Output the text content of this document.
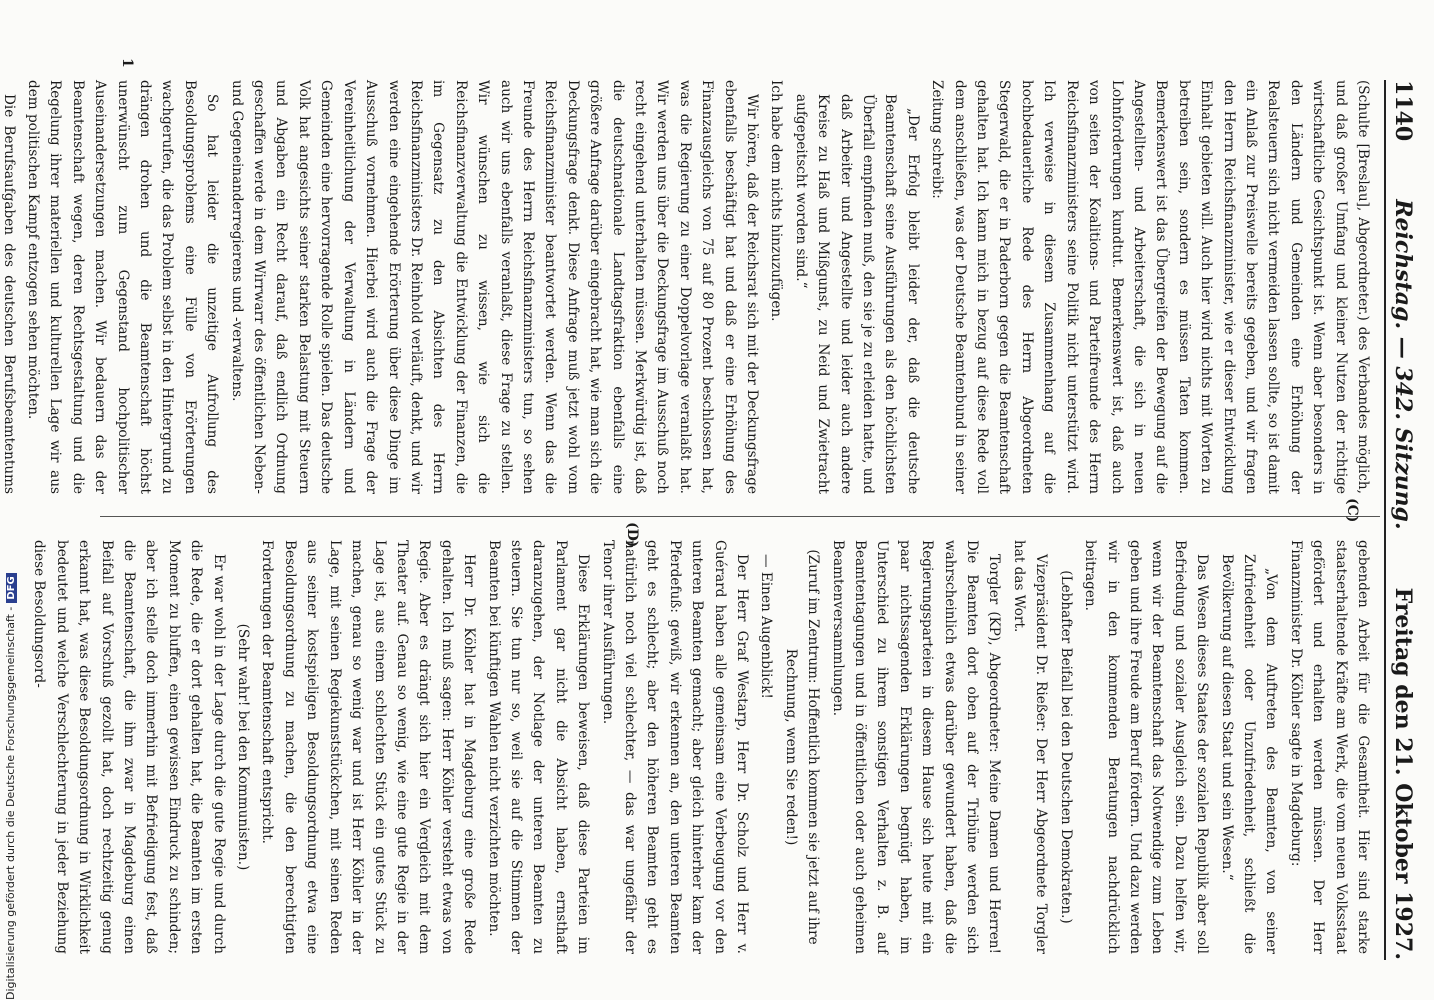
1140
Reichstag. — 342. Sitzung.
Freitag den 21. Oktober 1927.

(Schulte [Breslau], Abgeordneter.) des Verbandes möglich, und daß großer Umfang und kleiner Nutzen der richtige wirtschaftliche Gesichtspunkt ist. Wenn aber besonders in den Ländern und Gemeinden eine Erhöhung der Realsteuern sich nicht vermeiden lassen sollte, so ist damit ein Anlaß zur Preiswelle bereits gegeben, und wir fragen den Herrn Reichsfinanzminister, wie er dieser Entwicklung Einhalt gebieten will. Auch hier wird nichts mit Worten zu betreiben sein, sondern es müssen Taten kommen. Bemerkenswert ist das Übergreifen der Bewegung auf die Angestellten- und Arbeiterschaft, die sich in neuen Lohnforderungen kundtut. Bemerkenswert ist, daß auch von seiten der Koalitions- und Parteifreunde des Herrn Reichsfinanzministers seine Politik nicht unterstützt wird. Ich verweise in diesem Zusammenhang auf die hochbedauerliche Rede des Herrn Abgeordneten Stegerwald, die er in Paderborn gegen die Beamtenschaft gehalten hat. Ich kann mich in bezug auf diese Rede voll dem anschließen, was der Deutsche Beamtenbund in seiner Zeitung schreibt:

„Der Erfolg bleibt leider der, daß die deutsche Beamtenschaft seine Ausführungen als den höchlichsten Überfall empfinden muß, den sie je zu erleiden hatte, und daß Arbeiter und Angestellte und leider auch andere Kreise zu Haß und Mißgunst, zu Neid und Zwietracht aufgepeitscht worden sind.“

Ich habe dem nichts hinzuzufügen.

Wir hören, daß der Reichsrat sich mit der Deckungsfrage ebenfalls beschäftigt hat und daß er eine Erhöhung des Finanzausgleichs von 75 auf 80 Prozent beschlossen hat, was die Regierung zu einer Doppelvorlage veranlaßt hat. Wir werden uns über die Deckungsfrage im Ausschuß noch recht eingehend unterhalten müssen. Merkwürdig ist, daß die deutschnationale Landtagsfraktion ebenfalls eine größere Anfrage darüber eingebracht hat, wie man sich die Deckungsfrage denkt. Diese Anfrage muß jetzt wohl vom Reichsfinanzminister beantwortet werden. Wenn das die Freunde des Herrn Reichsfinanzministers tun, so sehen auch wir uns ebenfalls veranlaßt, diese Frage zu stellen. Wir wünschen zu wissen, wie sich die Reichsfinanzverwaltung die Entwicklung der Finanzen, die im Gegensatz zu den Absichten des Herrn Reichsfinanzministers Dr. Reinhold verläuft, denkt, und wir werden eine eingehende Erörterung über diese Dinge im Ausschuß vornehmen. Hierbei wird auch die Frage der Vereinheitlichung der Verwaltung in Ländern und Gemeinden eine hervorragende Rolle spielen. Das deutsche Volk hat angesichts seiner starken Belastung mit Steuern und Abgaben ein Recht darauf, daß endlich Ordnung geschaffen werde in dem Wirrwarr des öffentlichen Neben- und Gegeneinanderregierens und -verwaltens.

So hat leider die unzeitige Aufrollung des Besoldungsproblems eine Fülle von Erörterungen wachgerufen, die das Problem selbst in den Hintergrund zu drängen drohen und die Beamtenschaft höchst unerwünscht zum Gegenstand hochpolitischer Auseinandersetzungen machen. Wir bedauern das der Beamtenschaft wegen, deren Rechtsgestaltung und die Regelung ihrer materiellen und kulturellen Lage wir aus dem politischen Kampf entzogen sehen möchten.

Die Berufsaufgaben des deutschen Berufsbeamtentums

gebenden Arbeit für die Gesamtheit. Hier sind starke staatserhaltende Kräfte am Werk, die vom neuen Volksstaat gefördert und erhalten werden müssen. Der Herr Finanzminister Dr. Köhler sagte in Magdeburg:

„Von dem Auftreten des Beamten, von seiner Zufriedenheit oder Unzufriedenheit, schließt die Bevölkerung auf diesen Staat und sein Wesen.“

Das Wesen dieses Staates der sozialen Republik aber soll Befriedung und sozialer Ausgleich sein. Dazu helfen wir, wenn wir der Beamtenschaft das Notwendige zum Leben geben und ihre Freude am Beruf fördern. Und dazu werden wir in den kommenden Beratungen nachdrücklich beitragen.

(Lebhafter Beifall bei den Deutschen Demokraten.)

Vizepräsident Dr. Rießer: Der Herr Abgeordnete Torgler hat das Wort.

Torgler (KP), Abgeordneter: Meine Damen und Herren! Die Beamten dort oben auf der Tribüne werden sich wahrscheinlich etwas darüber gewundert haben, daß die Regierungsparteien in diesem Hause sich heute mit ein paar nichtssagenden Erklärungen begnügt haben, im Unterschied zu ihrem sonstigen Verhalten z. B. auf Beamtentagungen und in öffentlichen oder auch geheimen Beamtenversammlungen.

(Zuruf im Zentrum: Hoffentlich kommen sie jetzt auf ihre Rechnung, wenn Sie reden!)

— Einen Augenblick!

Der Herr Graf Westarp, Herr Dr. Scholz und Herr v. Guérard haben alle gemeinsam eine Verbeugung vor den unteren Beamten gemacht; aber gleich hinterher kam der Pferdefuß: gewiß, wir erkennen an, den unteren Beamten geht es schlecht; aber den höheren Beamten geht es natürlich noch viel schlechter, — das war ungefähr der Tenor ihrer Ausführungen.

Diese Erklärungen beweisen, daß diese Parteien im Parlament gar nicht die Absicht haben, ernsthaft daranzugehen, der Notlage der unteren Beamten zu steuern. Sie tun nur so, weil sie auf die Stimmen der Beamten bei künftigen Wahlen nicht verzichten möchten.

Herr Dr. Köhler hat in Magdeburg eine große Rede gehalten. Ich muß sagen: Herr Köhler versteht etwas von Regie. Aber es drängt sich hier ein Vergleich mit dem Theater auf. Genau so wenig, wie eine gute Regie in der Lage ist, aus einem schlechten Stück ein gutes Stück zu machen, genau so wenig war und ist Herr Köhler in der Lage, mit seinen Regiekunststückchen, mit seinen Reden aus seiner kostspieligen Besoldungsordnung etwa eine Besoldungsordnung zu machen, die den berechtigten Forderungen der Beamtenschaft entspricht.

(Sehr wahr! bei den Kommunisten.)

Er war wohl in der Lage durch die gute Regie und durch die Rede, die er dort gehalten hat, die Beamten im ersten Moment zu bluffen, einen gewissen Eindruck zu schinden; aber ich stelle doch immerhin mit Befriedigung fest, daß die Beamtenschaft, die ihm zwar in Magdeburg einen Beifall auf Vorschuß gezollt hat, doch rechtzeitig genug erkannt hat, was diese Besoldungsordnung in Wirklichkeit bedeutet und welche Verschlechterung in jeder Beziehung diese Besoldungsord-

(C)
(D)
1
Digitalisierung gefördert durch die Deutsche Forschungsgemeinschaft -DFG
